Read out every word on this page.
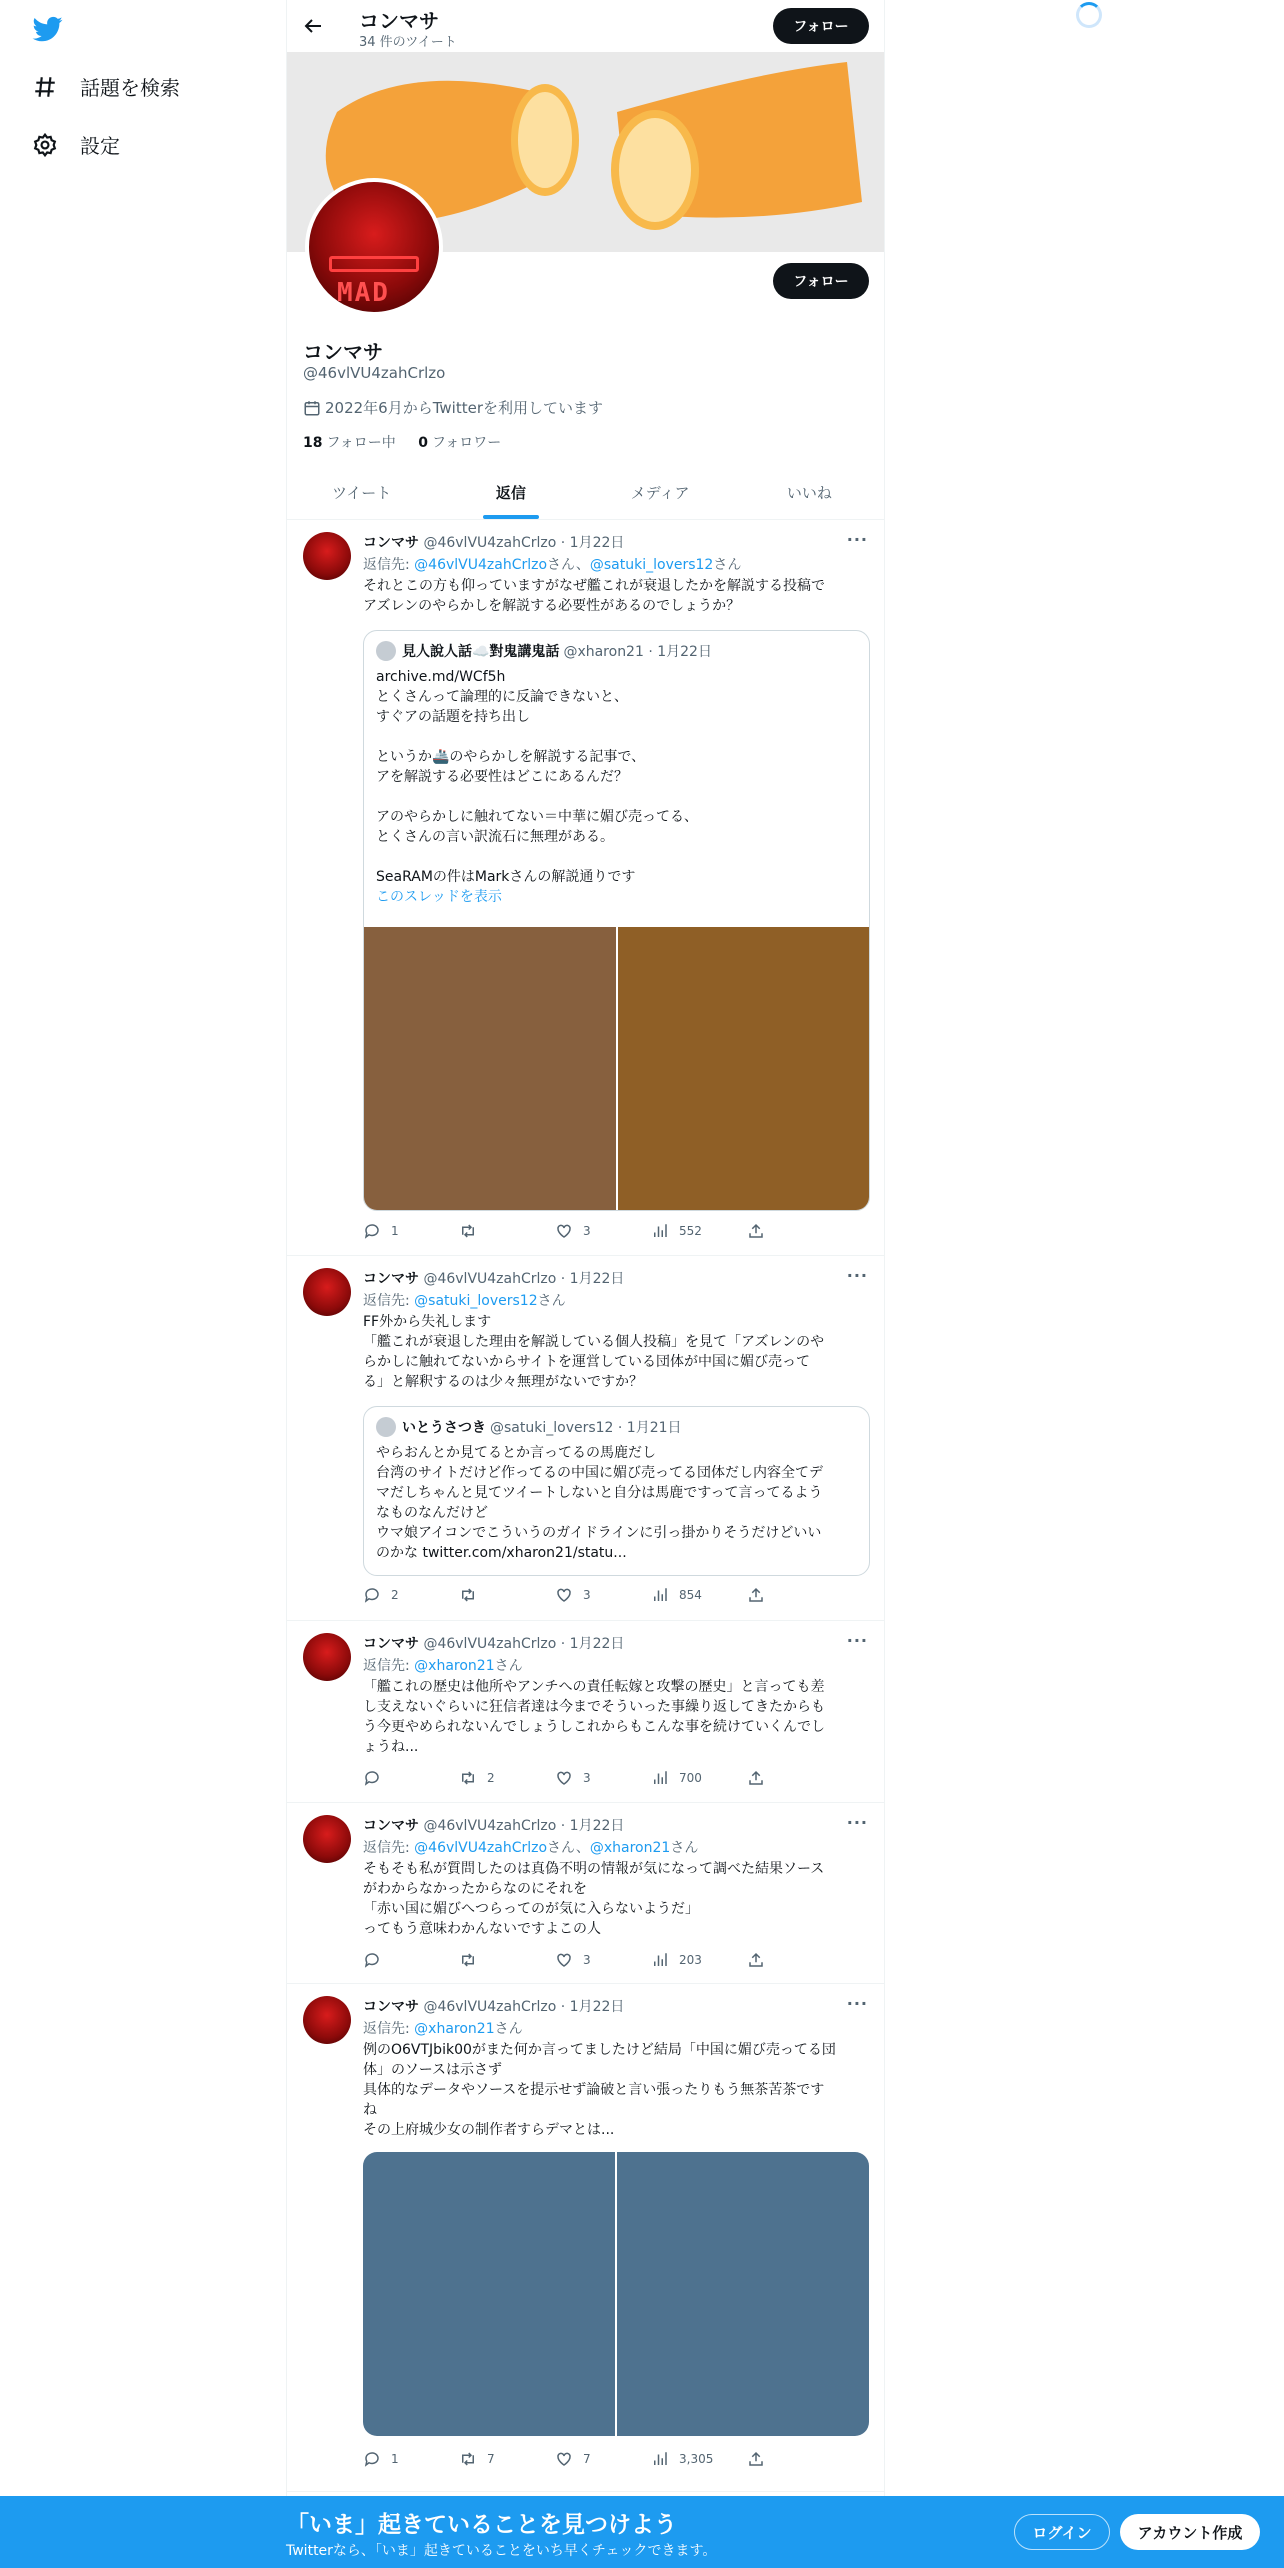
話題を検索
設定
コンマサ
34 件のツイート
フォロー
MAD	フォロー
コンマサ
@46vlVU4zahCrlzo
2022年6月からTwitterを利用しています
18 フォロー中 0 フォロワー
ツイート	返信	メディア	いいね
コンマサ @46vlVU4zahCrlzo · 1月22日	···
返信先: @46vlVU4zahCrlzoさん、@satuki_lovers12さん
それとこの方も仰っていますがなぜ艦これが衰退したかを解説する投稿で
アズレンのやらかしを解説する必要性があるのでしょうか？
見人說人話☁️對鬼講鬼話 @xharon21 · 1月22日
archive.md/WCf5h
とくさんって論理的に反論できないと、
すぐアの話題を持ち出し

というか🚢のやらかしを解説する記事で、
アを解説する必要性はどこにあるんだ？

アのやらかしに触れてない＝中華に媚び売ってる、
とくさんの言い訳流石に無理がある。

SeaRAMの件はMarkさんの解説通りです
このスレッドを表示
1	3	552
コンマサ @46vlVU4zahCrlzo · 1月22日	···
返信先: @satuki_lovers12さん
FF外から失礼します
「艦これが衰退した理由を解説している個人投稿」を見て「アズレンのや
らかしに触れてないからサイトを運営している団体が中国に媚び売って
る」と解釈するのは少々無理がないですか？
いとうさつき @satuki_lovers12 · 1月21日
やらおんとか見てるとか言ってるの馬鹿だし
台湾のサイトだけど作ってるの中国に媚び売ってる団体だし内容全てデ
マだしちゃんと見てツイートしないと自分は馬鹿ですって言ってるよう
なものなんだけど
ウマ娘アイコンでこういうのガイドラインに引っ掛かりそうだけどいい
のかな twitter.com/xharon21/statu...
2	3	854
コンマサ @46vlVU4zahCrlzo · 1月22日	···
返信先: @xharon21さん
「艦これの歴史は他所やアンチへの責任転嫁と攻撃の歴史」と言っても差
し支えないぐらいに狂信者達は今までそういった事繰り返してきたからも
う今更やめられないんでしょうしこれからもこんな事を続けていくんでし
ょうね...
2	3	700
コンマサ @46vlVU4zahCrlzo · 1月22日	···
返信先: @46vlVU4zahCrlzoさん、@xharon21さん
そもそも私が質問したのは真偽不明の情報が気になって調べた結果ソース
がわからなかったからなのにそれを
「赤い国に媚びへつらってのが気に入らないようだ」
ってもう意味わかんないですよこの人
3	203
コンマサ @46vlVU4zahCrlzo · 1月22日	···
返信先: @xharon21さん
例のO6VTJbik00がまた何か言ってましたけど結局「中国に媚び売ってる団
体」のソースは示さず
具体的なデータやソースを提示せず論破と言い張ったりもう無茶苦茶です
ね
その上府城少女の制作者すらデマとは...
1	7	7	3,305
「いま」起きていることを見つけよう
Twitterなら、「いま」起きていることをいち早くチェックできます。
ログイン	アカウント作成
